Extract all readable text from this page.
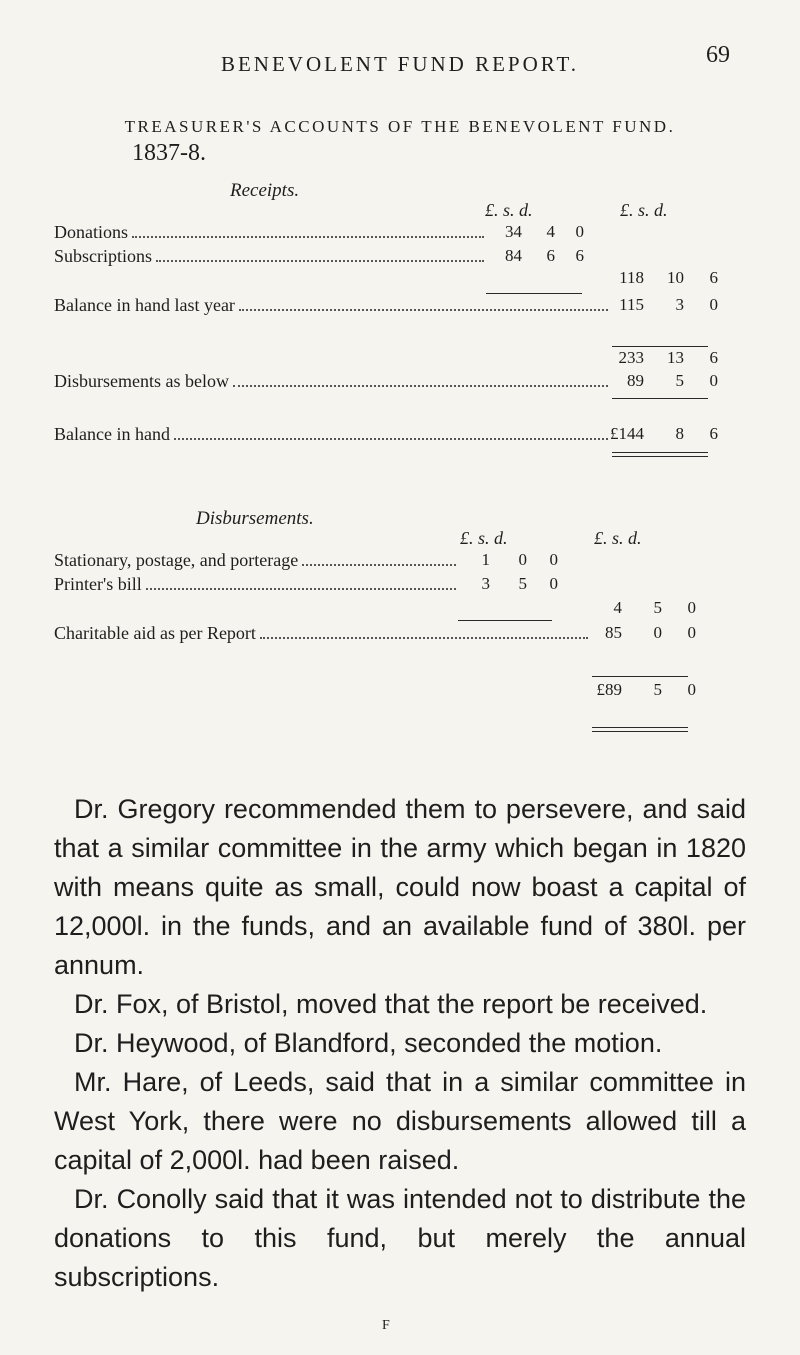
BENEVOLENT FUND REPORT.	69
TREASURER'S ACCOUNTS OF THE BENEVOLENT FUND.
1837-8.
Receipts.
£. s. d.	£. s. d.
Donations	34	4	0
Subscriptions	84	6	6
118	10	6
Balance in hand last year	115	3	0
233	13	6
Disbursements as below	89	5	0
Balance in hand	£144	8	6
Disbursements.
£. s. d.	£. s. d.
Stationary, postage, and porterage	1	0	0
Printer's bill	3	5	0
4	5	0
Charitable aid as per Report	85	0	0
£89	5	0

Dr. Gregory recommended them to persevere, and said that a similar committee in the army which began in 1820 with means quite as small, could now boast a capital of 12,000l. in the funds, and an available fund of 380l. per annum.

Dr. Fox, of Bristol, moved that the report be received.

Dr. Heywood, of Blandford, seconded the motion.

Mr. Hare, of Leeds, said that in a similar committee in West York, there were no disbursements allowed till a capital of 2,000l. had been raised.

Dr. Conolly said that it was intended not to distribute the donations to this fund, but merely the annual subscriptions.

F
